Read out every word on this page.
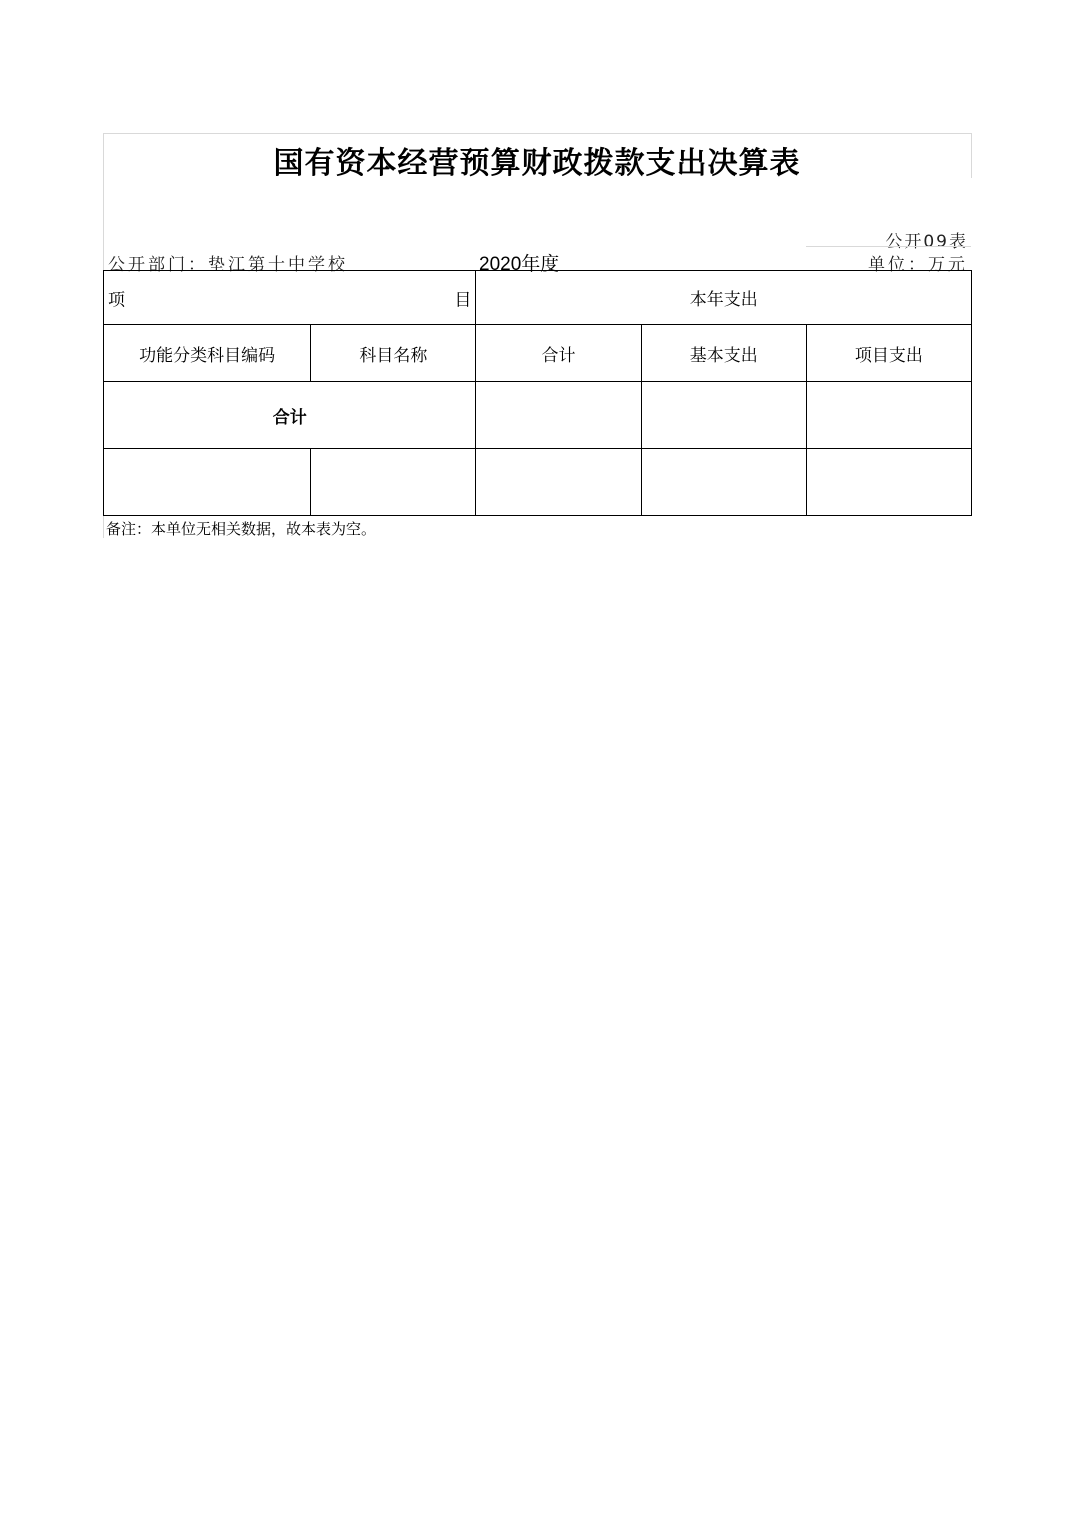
国有资本经营预算财政拨款支出决算表
公开09表
公开部门：垫江第十中学校	2020年度	单位：万元
项 目		本年支出		
功能分类科目编码	科目名称	合计	基本支出	项目支出
合计				

备注：本单位无相关数据，故本表为空。
